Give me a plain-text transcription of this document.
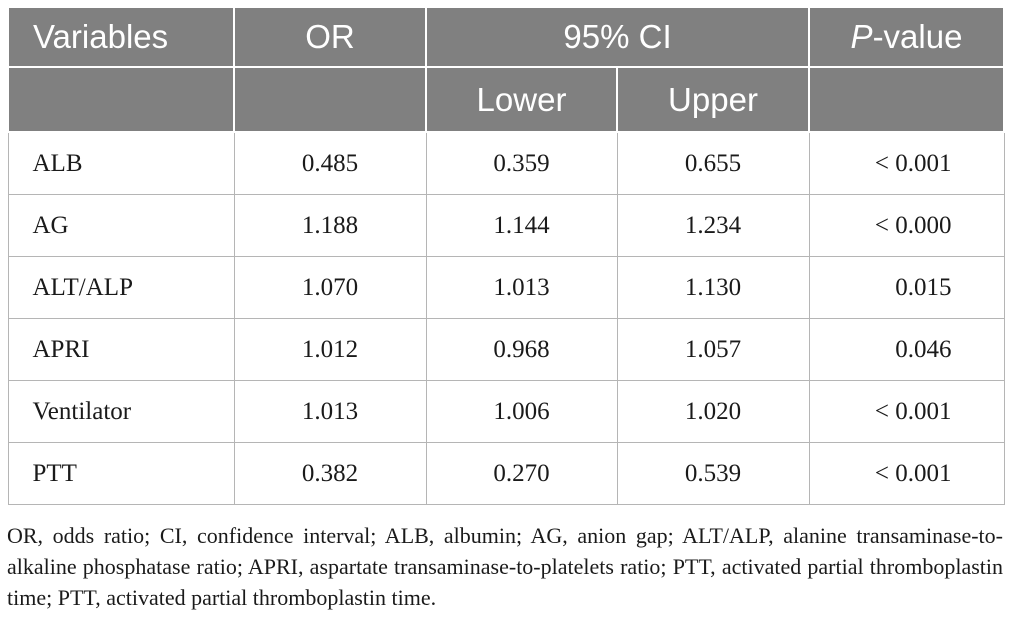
Variables	OR	95% CI		P-value
		Lower	Upper	
ALB	0.485	0.359	0.655	< 0.001
AG	1.188	1.144	1.234	< 0.000
ALT/ALP	1.070	1.013	1.130	0.015
APRI	1.012	0.968	1.057	0.046
Ventilator	1.013	1.006	1.020	< 0.001
PTT	0.382	0.270	0.539	< 0.001

OR, odds ratio; CI, confidence interval; ALB, albumin; AG, anion gap; ALT/ALP, alanine transaminase-to-alkaline phosphatase ratio; APRI, aspartate transaminase-to-platelets ratio; PTT, activated partial thromboplastin time; PTT, activated partial thromboplastin time.
